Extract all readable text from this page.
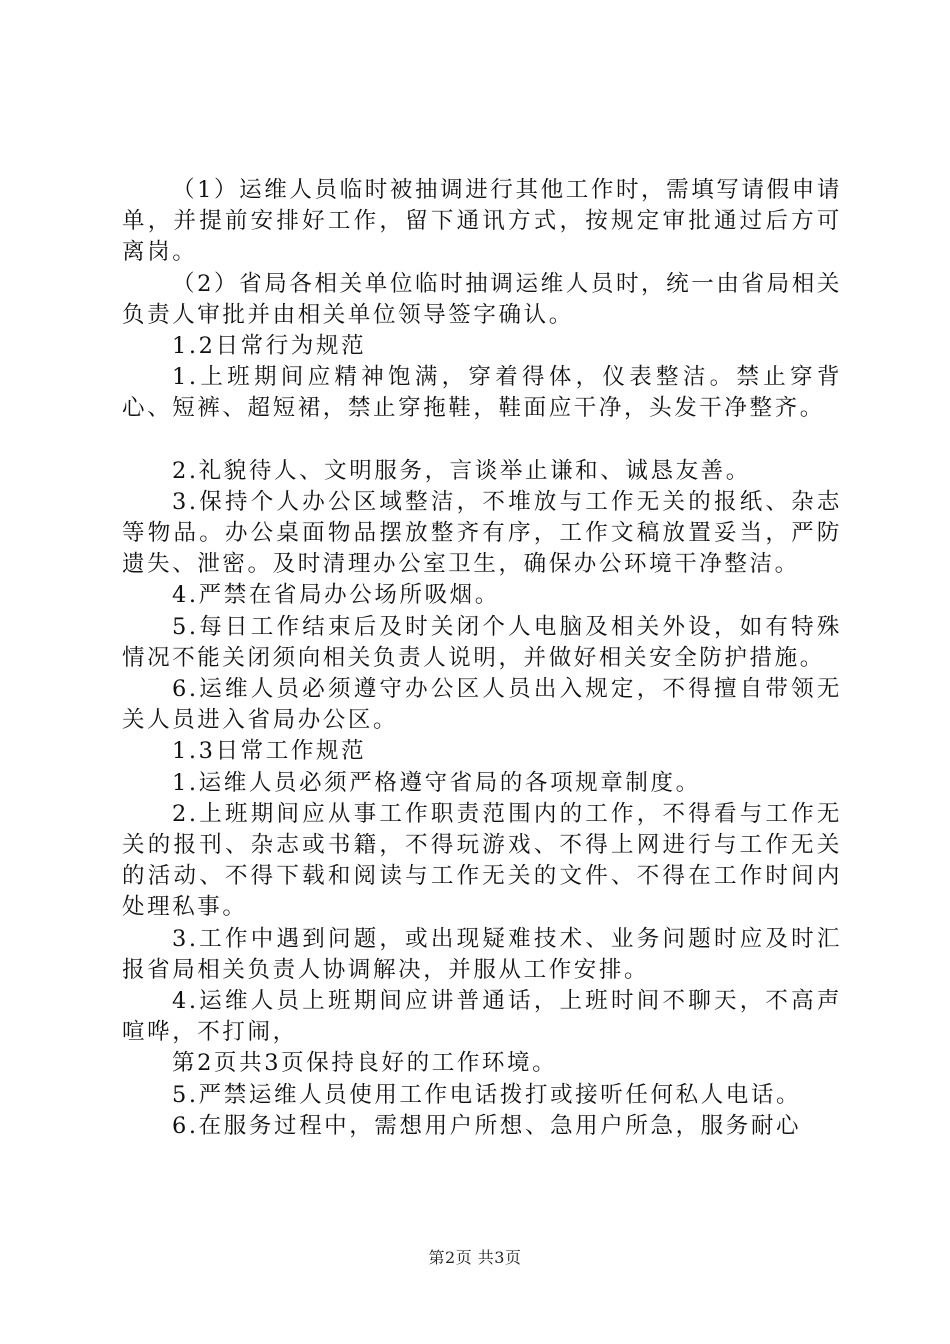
（1）运维人员临时被抽调进行其他工作时，需填写请假申请单，并提前安排好工作，留下通讯方式，按规定审批通过后方可离岗。

（2）省局各相关单位临时抽调运维人员时，统一由省局相关负责人审批并由相关单位领导签字确认。

1.2日常行为规范

1.上班期间应精神饱满，穿着得体，仪表整洁。禁止穿背心、短裤、超短裙，禁止穿拖鞋，鞋面应干净，头发干净整齐。

2.礼貌待人、文明服务，言谈举止谦和、诚恳友善。

3.保持个人办公区域整洁，不堆放与工作无关的报纸、杂志等物品。办公桌面物品摆放整齐有序，工作文稿放置妥当，严防遗失、泄密。及时清理办公室卫生，确保办公环境干净整洁。

4.严禁在省局办公场所吸烟。

5.每日工作结束后及时关闭个人电脑及相关外设，如有特殊情况不能关闭须向相关负责人说明，并做好相关安全防护措施。

6.运维人员必须遵守办公区人员出入规定，不得擅自带领无关人员进入省局办公区。

1.3日常工作规范

1.运维人员必须严格遵守省局的各项规章制度。

2.上班期间应从事工作职责范围内的工作，不得看与工作无关的报刊、杂志或书籍，不得玩游戏、不得上网进行与工作无关的活动、不得下载和阅读与工作无关的文件、不得在工作时间内处理私事。

3.工作中遇到问题，或出现疑难技术、业务问题时应及时汇报省局相关负责人协调解决，并服从工作安排。

4.运维人员上班期间应讲普通话，上班时间不聊天，不高声喧哗，不打闹，

第2页共3页保持良好的工作环境。

5.严禁运维人员使用工作电话拨打或接听任何私人电话。

6.在服务过程中，需想用户所想、急用户所急，服务耐心

第2页 共3页
